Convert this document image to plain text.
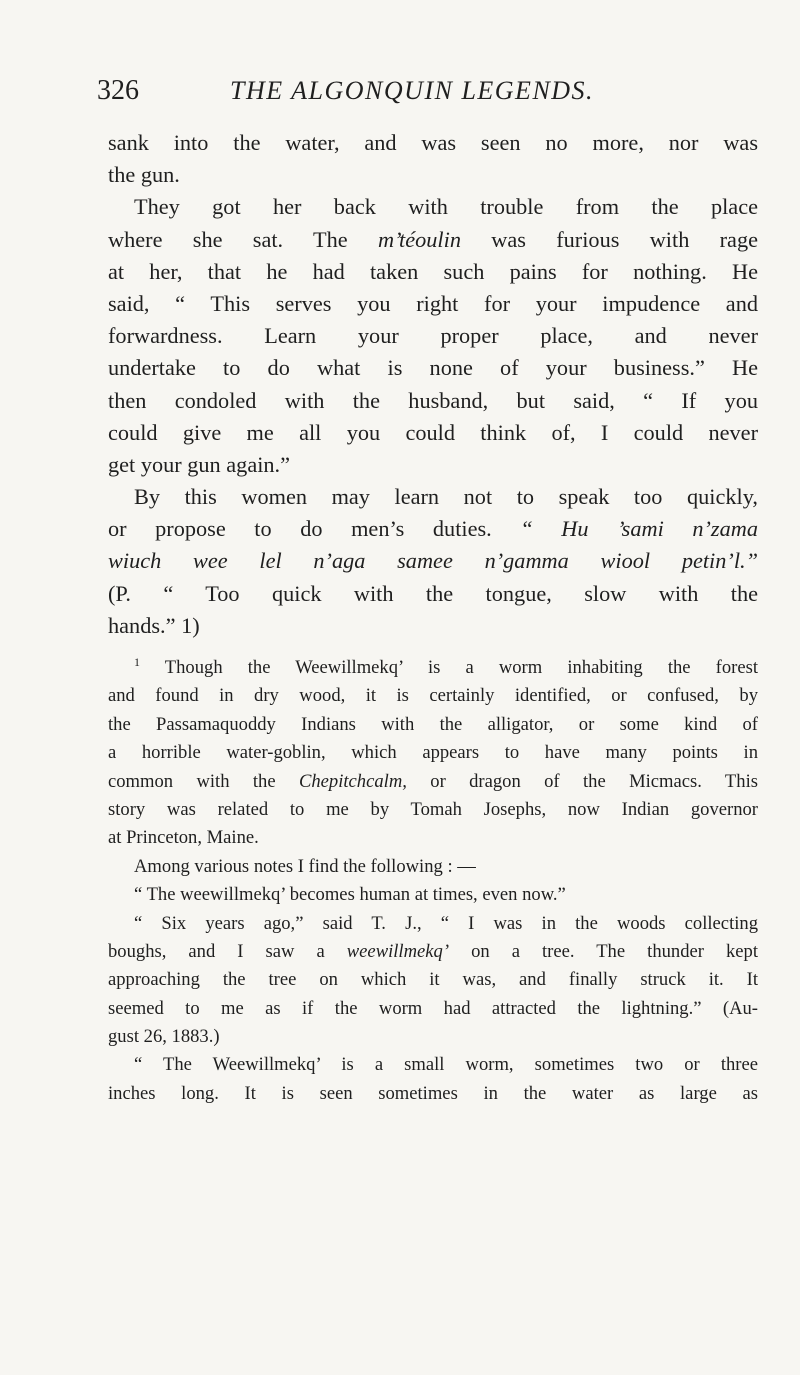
326	THE ALGONQUIN LEGENDS.
sank into the water, and was seen no more, nor was
the gun.
They got her back with trouble from the place
where she sat. The m’téoulin was furious with rage
at her, that he had taken such pains for nothing. He
said, “ This serves you right for your impudence and
forwardness. Learn your proper place, and never
undertake to do what is none of your business.” He
then condoled with the husband, but said, “ If you
could give me all you could think of, I could never
get your gun again.”
By this women may learn not to speak too quickly,
or propose to do men’s duties. “ Hu ’sami n’zama
wiuch wee lel n’aga samee n’gamma wiool petin’l.”
(P. “ Too quick with the tongue, slow with the
hands.” 1)
$^1$ Though the Weewillmekq’ is a worm inhabiting the forest
and found in dry wood, it is certainly identified, or confused, by
the Passamaquoddy Indians with the alligator, or some kind of
a horrible water-goblin, which appears to have many points in
common with the Chepitchcalm, or dragon of the Micmacs. This
story was related to me by Tomah Josephs, now Indian governor
at Princeton, Maine.
Among various notes I find the following : —
“ The weewillmekq’ becomes human at times, even now.”
“ Six years ago,” said T. J., “ I was in the woods collecting
boughs, and I saw a weewillmekq’ on a tree. The thunder kept
approaching the tree on which it was, and finally struck it. It
seemed to me as if the worm had attracted the lightning.” (Au-
gust 26, 1883.)
“ The Weewillmekq’ is a small worm, sometimes two or three
inches long. It is seen sometimes in the water as large as
